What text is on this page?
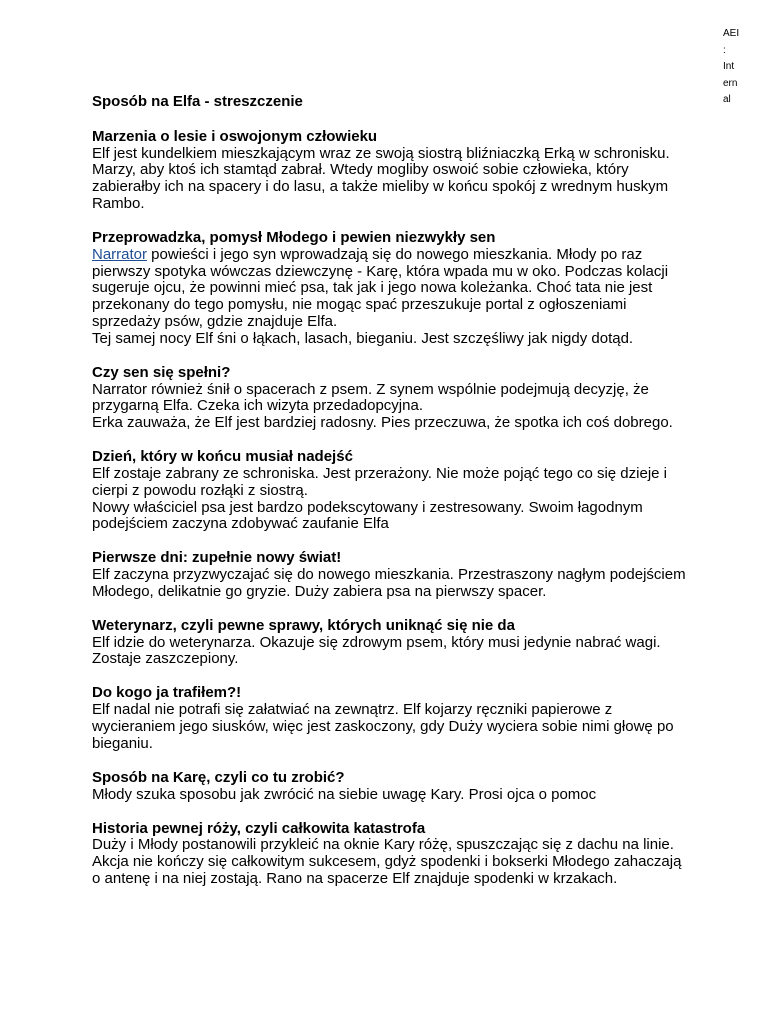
AEI
:
Int
ern
al
Sposób na Elfa - streszczenie
Marzenia o lesie i oswojonym człowieku

Elf jest kundelkiem mieszkającym wraz ze swoją siostrą bliźniaczką Erką w schronisku. Marzy, aby ktoś ich stamtąd zabrał. Wtedy mogliby oswoić sobie człowieka, który zabierałby ich na spacery i do lasu, a także mieliby w końcu spokój z wrednym huskym Rambo.

Przeprowadzka, pomysł Młodego i pewien niezwykły sen

Narrator powieści i jego syn wprowadzają się do nowego mieszkania. Młody po raz pierwszy spotyka wówczas dziewczynę - Karę, która wpada mu w oko. Podczas kolacji sugeruje ojcu, że powinni mieć psa, tak jak i jego nowa koleżanka. Choć tata nie jest przekonany do tego pomysłu, nie mogąc spać przeszukuje portal z ogłoszeniami sprzedaży psów, gdzie znajduje Elfa.

Tej samej nocy Elf śni o łąkach, lasach, bieganiu. Jest szczęśliwy jak nigdy dotąd.

Czy sen się spełni?

Narrator również śnił o spacerach z psem. Z synem wspólnie podejmują decyzję, że przygarną Elfa. Czeka ich wizyta przedadopcyjna.

Erka zauważa, że Elf jest bardziej radosny. Pies przeczuwa, że spotka ich coś dobrego.

Dzień, który w końcu musiał nadejść

Elf zostaje zabrany ze schroniska. Jest przerażony. Nie może pojąć tego co się dzieje i cierpi z powodu rozłąki z siostrą.

Nowy właściciel psa jest bardzo podekscytowany i zestresowany. Swoim łagodnym podejściem zaczyna zdobywać zaufanie Elfa

Pierwsze dni: zupełnie nowy świat!

Elf zaczyna przyzwyczajać się do nowego mieszkania. Przestraszony nagłym podejściem Młodego, delikatnie go gryzie. Duży zabiera psa na pierwszy spacer.

Weterynarz, czyli pewne sprawy, których uniknąć się nie da

Elf idzie do weterynarza. Okazuje się zdrowym psem, który musi jedynie nabrać wagi. Zostaje zaszczepiony.

Do kogo ja trafiłem?!

Elf nadal nie potrafi się załatwiać na zewnątrz. Elf kojarzy ręczniki papierowe z wycieraniem jego siusków, więc jest zaskoczony, gdy Duży wyciera sobie nimi głowę po bieganiu.

Sposób na Karę, czyli co tu zrobić?

Młody szuka sposobu jak zwrócić na siebie uwagę Kary. Prosi ojca o pomoc

Historia pewnej róży, czyli całkowita katastrofa

Duży i Młody postanowili przykleić na oknie Kary różę, spuszczając się z dachu na linie. Akcja nie kończy się całkowitym sukcesem, gdyż spodenki i bokserki Młodego zahaczają o antenę i na niej zostają. Rano na spacerze Elf znajduje spodenki w krzakach.
